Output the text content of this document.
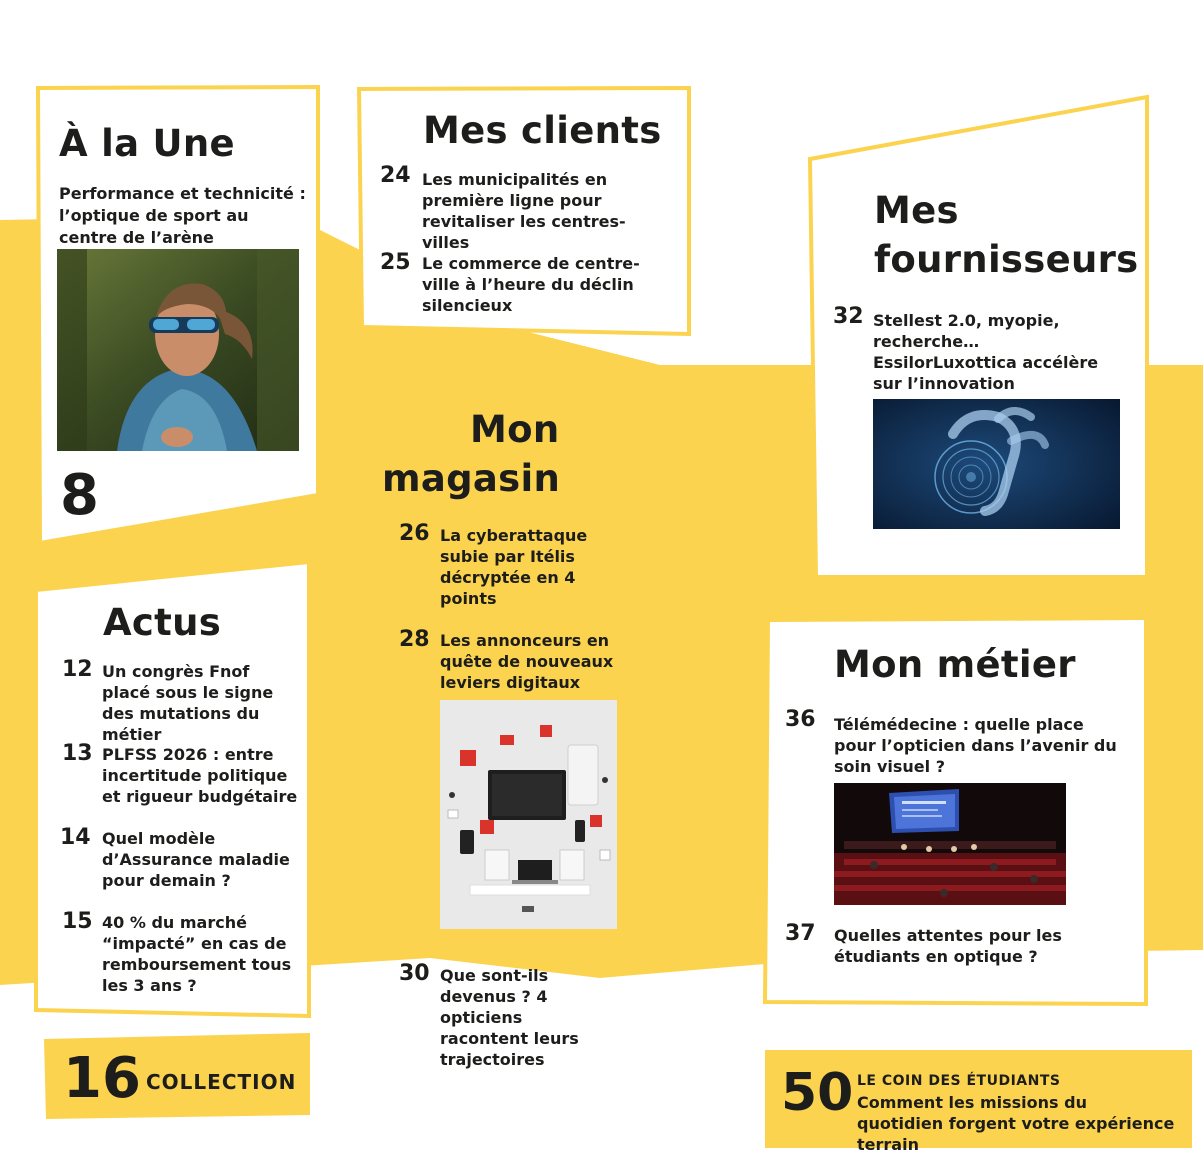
À la Une
Performance et technicité : l’optique de sport au centre de l’arène
8
Mes clients
24 Les municipalités en première ligne pour revitaliser les centres-villes
25 Le commerce de centre-ville à l’heure du déclin silencieux
Mes
fournisseurs
32 Stellest 2.0, myopie, recherche… EssilorLuxottica accélère sur l’innovation
Mon
magasin
26 La cyberattaque subie par Itélis décryptée en 4 points
28 Les annonceurs en quête de nouveaux leviers digitaux
30 Que sont-ils devenus ? 4 opticiens racontent leurs trajectoires
Actus
12 Un congrès Fnof placé sous le signe des mutations du métier
13 PLFSS 2026 : entre incertitude politique et rigueur budgétaire
14 Quel modèle d’Assurance maladie pour demain ?
15 40 % du marché “impacté” en cas de remboursement tous les 3 ans ?
Mon métier
36 Télémédecine : quelle place pour l’opticien dans l’avenir du soin visuel ?
37 Quelles attentes pour les étudiants en optique ?
16 COLLECTION	50 LE COIN DES ÉTUDIANTS
Comment les missions du quotidien forgent votre expérience terrain
